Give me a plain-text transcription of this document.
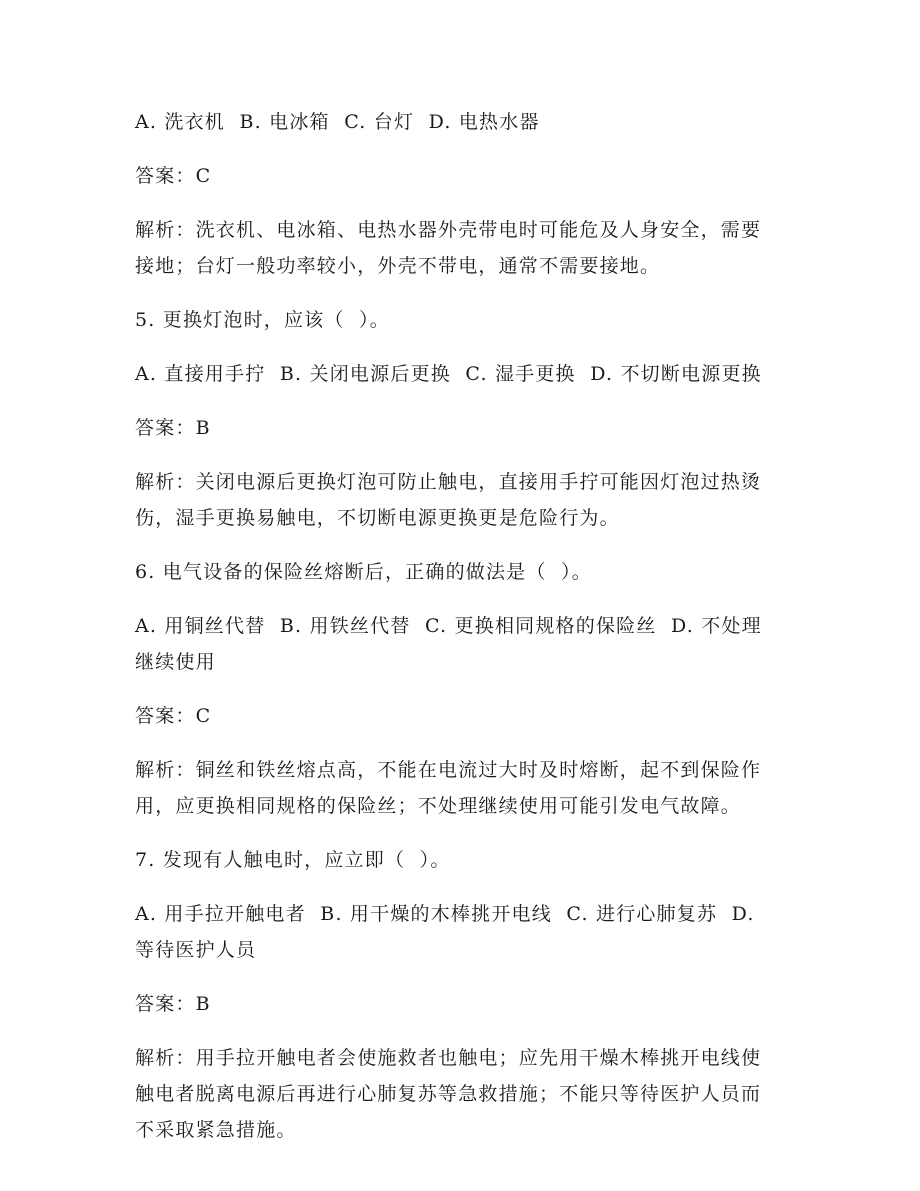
A. 洗衣机  B. 电冰箱  C. 台灯  D. 电热水器

答案：C

解析：洗衣机、电冰箱、电热水器外壳带电时可能危及人身安全，需要接地；台灯一般功率较小，外壳不带电，通常不需要接地。

5. 更换灯泡时，应该（  ）。

A. 直接用手拧  B. 关闭电源后更换  C. 湿手更换  D. 不切断电源更换

答案：B

解析：关闭电源后更换灯泡可防止触电，直接用手拧可能因灯泡过热烫伤，湿手更换易触电，不切断电源更换更是危险行为。

6. 电气设备的保险丝熔断后，正确的做法是（  ）。

A. 用铜丝代替  B. 用铁丝代替  C. 更换相同规格的保险丝  D. 不处理继续使用

答案：C

解析：铜丝和铁丝熔点高，不能在电流过大时及时熔断，起不到保险作用，应更换相同规格的保险丝；不处理继续使用可能引发电气故障。

7. 发现有人触电时，应立即（  ）。

A. 用手拉开触电者  B. 用干燥的木棒挑开电线  C. 进行心肺复苏  D. 等待医护人员

答案：B

解析：用手拉开触电者会使施救者也触电；应先用干燥木棒挑开电线使触电者脱离电源后再进行心肺复苏等急救措施；不能只等待医护人员而不采取紧急措施。
